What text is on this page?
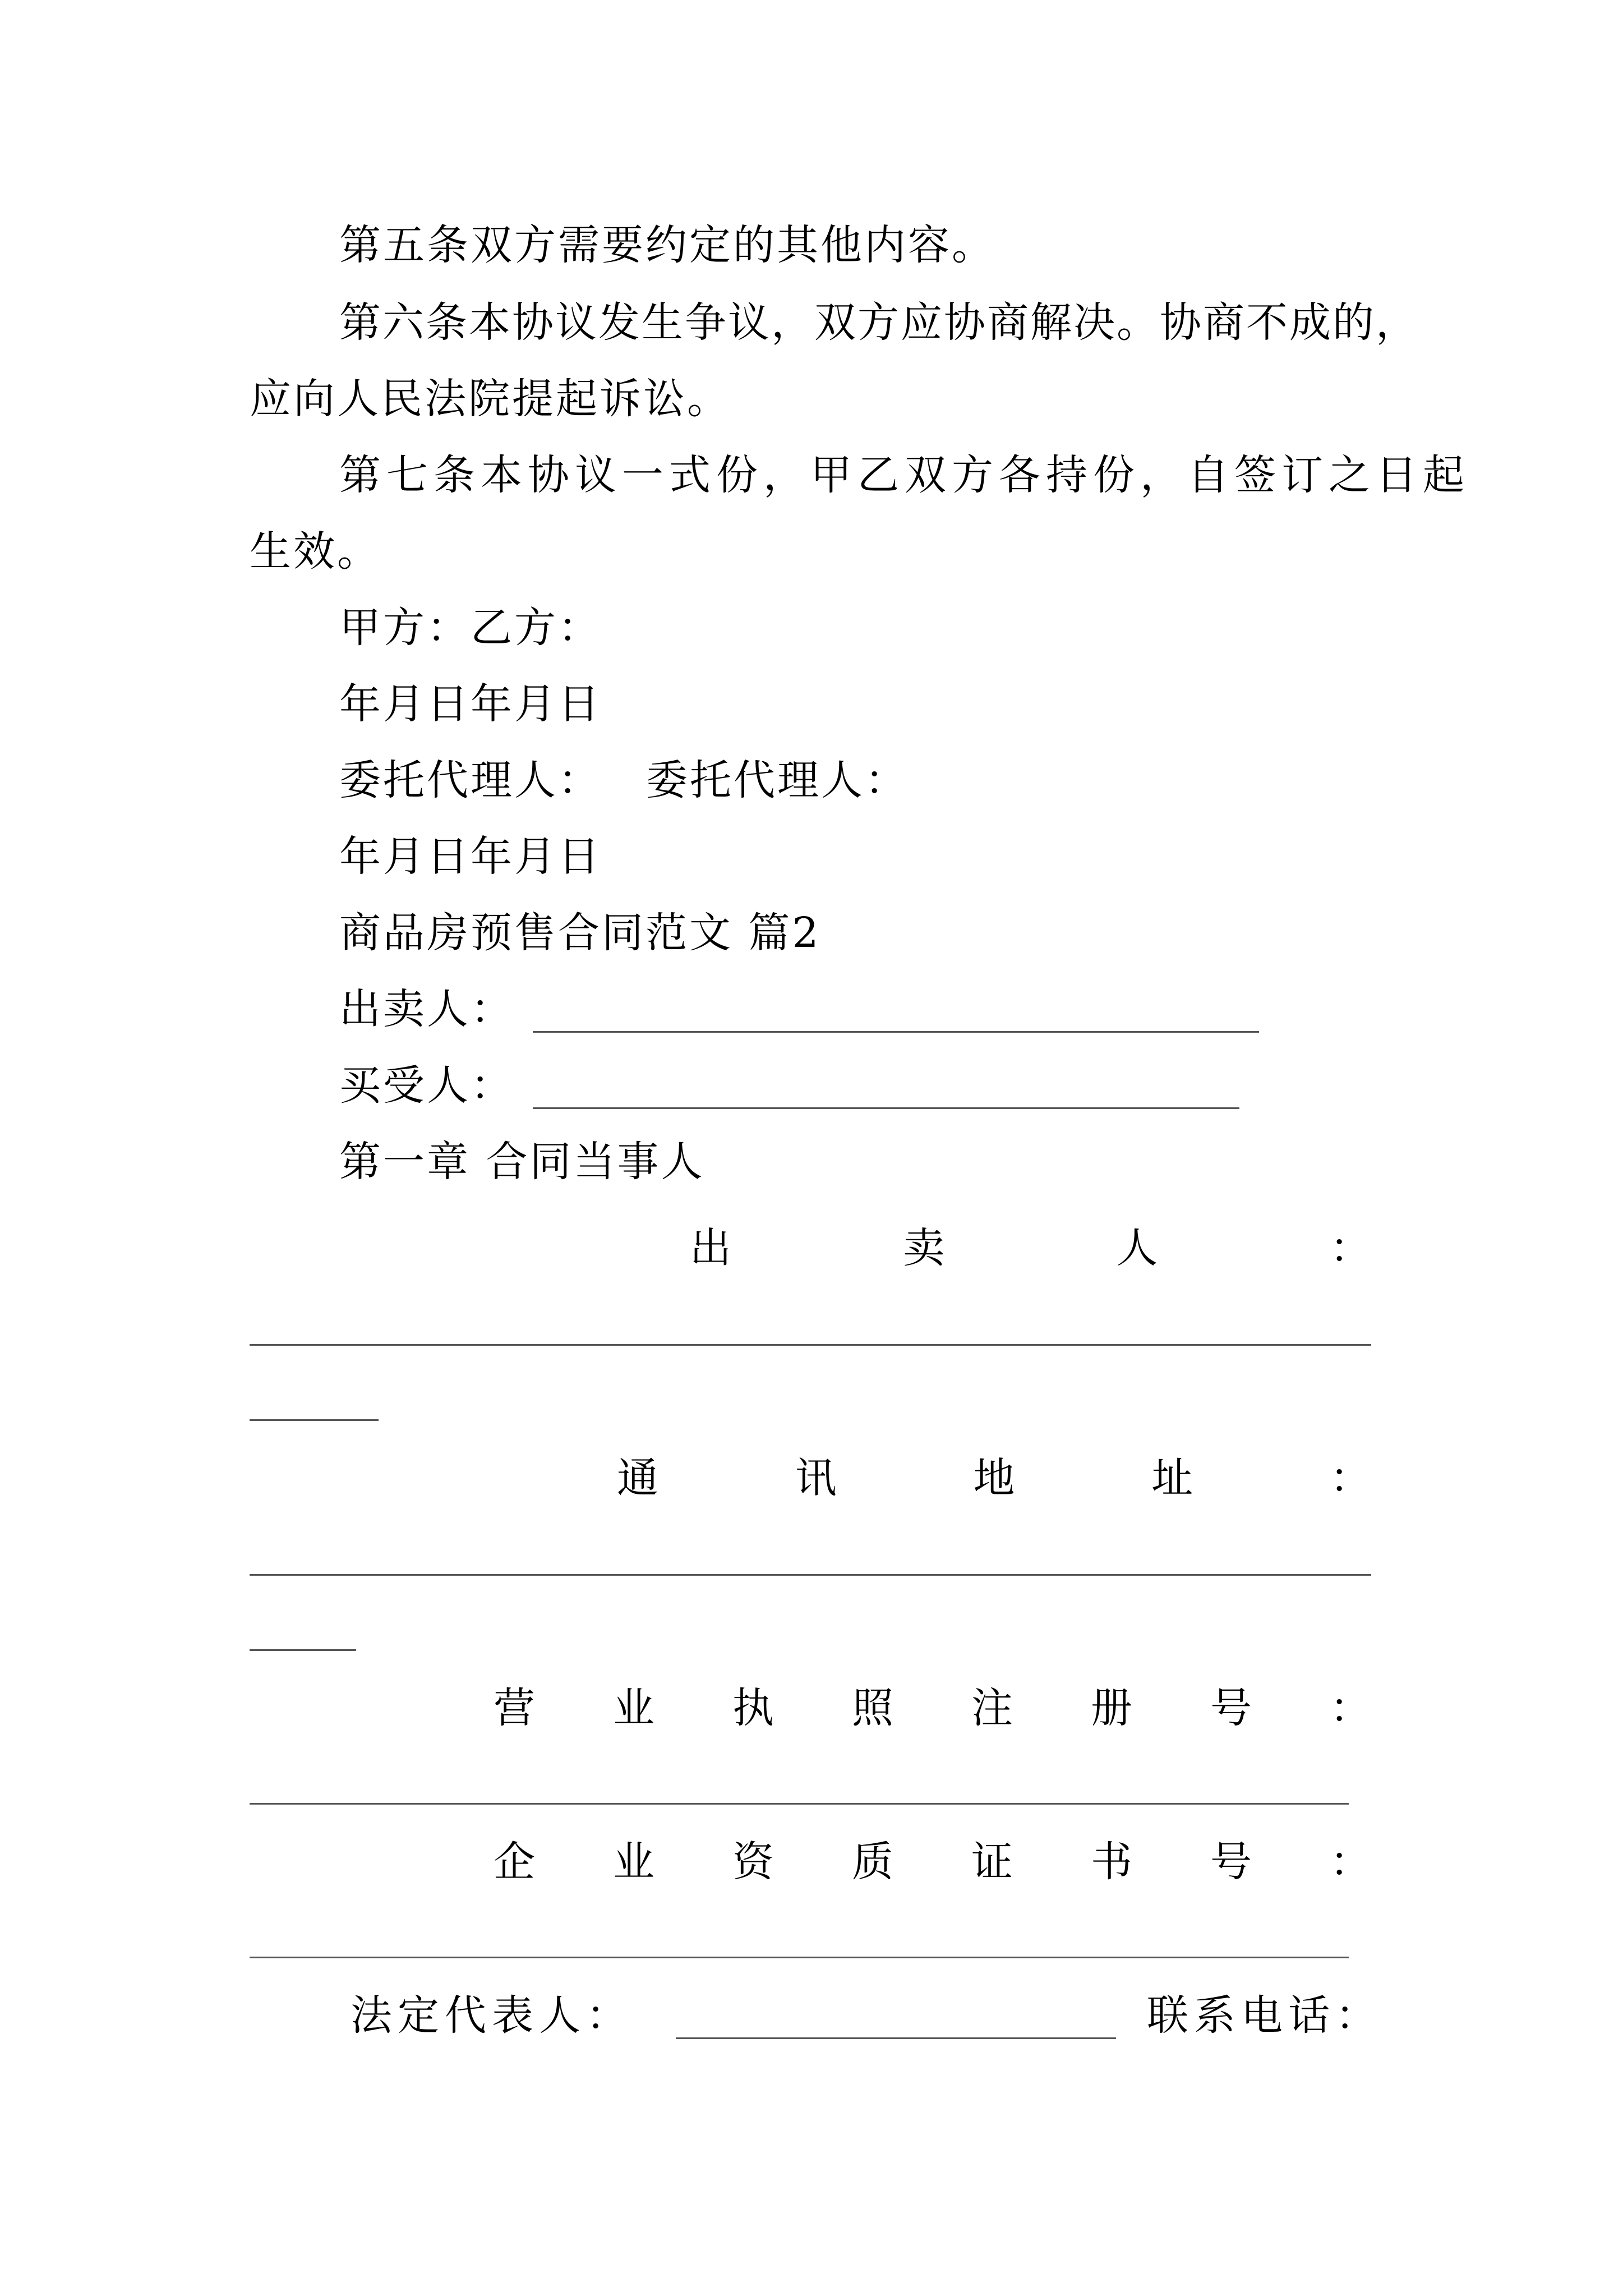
第五条双方需要约定的其他内容。
第六条本协议发生争议，双方应协商解决。协商不成的，
应向人民法院提起诉讼。
第七条本协议一式份，甲乙双方各持份，自签订之日起
生效。
甲方：乙方：
年月日年月日
委托代理人： 委托代理人：
年月日年月日
商品房预售合同范文 篇2
出卖人：
买受人：
第一章 合同当事人
出	卖	人	：
通	讯	地	址	：
营 业 执 照 注 册 号 ：
企 业 资 质 证 书 号 ：
法定代表人：	联系电话：
